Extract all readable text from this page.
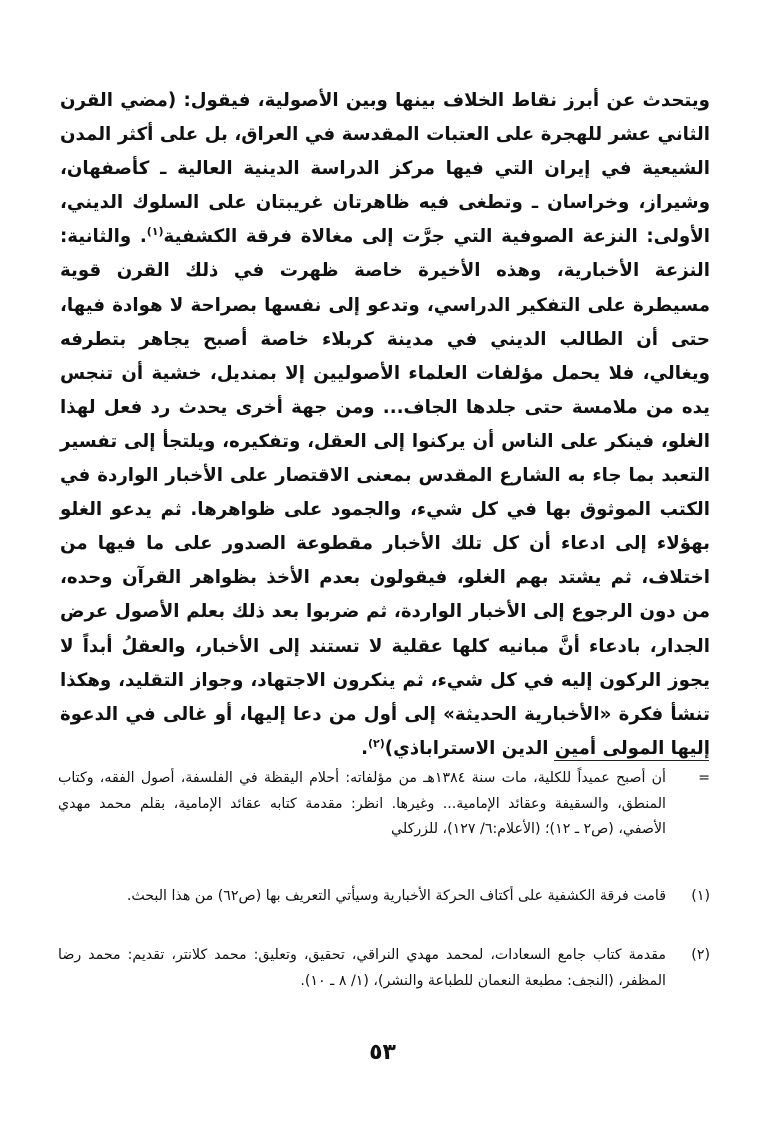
ويتحدث عن أبرز نقاط الخلاف بينها وبين الأصولية، فيقول: (مضي القرن الثاني عشر للهجرة على العتبات المقدسة في العراق، بل على أكثر المدن الشيعية في إيران التي فيها مركز الدراسة الدينية العالية ـ كأصفهان، وشيراز، وخراسان ـ وتطغى فيه ظاهرتان غريبتان على السلوك الديني، الأولى: النزعة الصوفية التي جرَّت إلى مغالاة فرقة الكشفية$^{(١)}$. والثانية: النزعة الأخبارية، وهذه الأخيرة خاصة ظهرت في ذلك القرن قوية مسيطرة على التفكير الدراسي، وتدعو إلى نفسها بصراحة لا هوادة فيها، حتى أن الطالب الديني في مدينة كربلاء خاصة أصبح يجاهر بتطرفه ويغالي، فلا يحمل مؤلفات العلماء الأصوليين إلا بمنديل، خشية أن تنجس يده من ملامسة حتى جلدها الجاف... ومن جهة أخرى يحدث رد فعل لهذا الغلو، فينكر على الناس أن يركنوا إلى العقل، وتفكيره، ويلتجأ إلى تفسير التعبد بما جاء به الشارع المقدس بمعنى الاقتصار على الأخبار الواردة في الكتب الموثوق بها في كل شيء، والجمود على ظواهرها. ثم يدعو الغلو بهؤلاء إلى ادعاء أن كل تلك الأخبار مقطوعة الصدور على ما فيها من اختلاف، ثم يشتد بهم الغلو، فيقولون بعدم الأخذ بظواهر القرآن وحده، من دون الرجوع إلى الأخبار الواردة، ثم ضربوا بعد ذلك بعلم الأصول عرض الجدار، بادعاء أنَّ مبانيه كلها عقلية لا تستند إلى الأخبار، والعقلُ أبداً لا يجوز الركون إليه في كل شيء، ثم ينكرون الاجتهاد، وجواز التقليد، وهكذا تنشأ فكرة «الأخبارية الحديثة» إلى أول من دعا إليها، أو غالى في الدعوة إليها المولى أمين الدين الاستراباذي)$^{(٢)}$.

=
أن أصبح عميداً للكلية، مات سنة ١٣٨٤هـ من مؤلفاته: أحلام اليقظة في الفلسفة، أصول الفقه، وكتاب المنطق، والسقيفة وعقائد الإمامية... وغيرها. انظر: مقدمة كتابه عقائد الإمامية، بقلم محمد مهدي الأصفي، (ص٢ ـ ١٢)؛ (الأعلام:٦/ ١٢٧)، للزركلي
(١)
قامت فرقة الكشفية على أكتاف الحركة الأخبارية وسيأتي التعريف بها (ص٦٢) من هذا البحث.
(٢)
مقدمة كتاب جامع السعادات، لمحمد مهدي النراقي، تحقيق، وتعليق: محمد كلانتر، تقديم: محمد رضا المظفر، (النجف: مطبعة النعمان للطباعة والنشر)، (١/ ٨ ـ ١٠).
٥٣
